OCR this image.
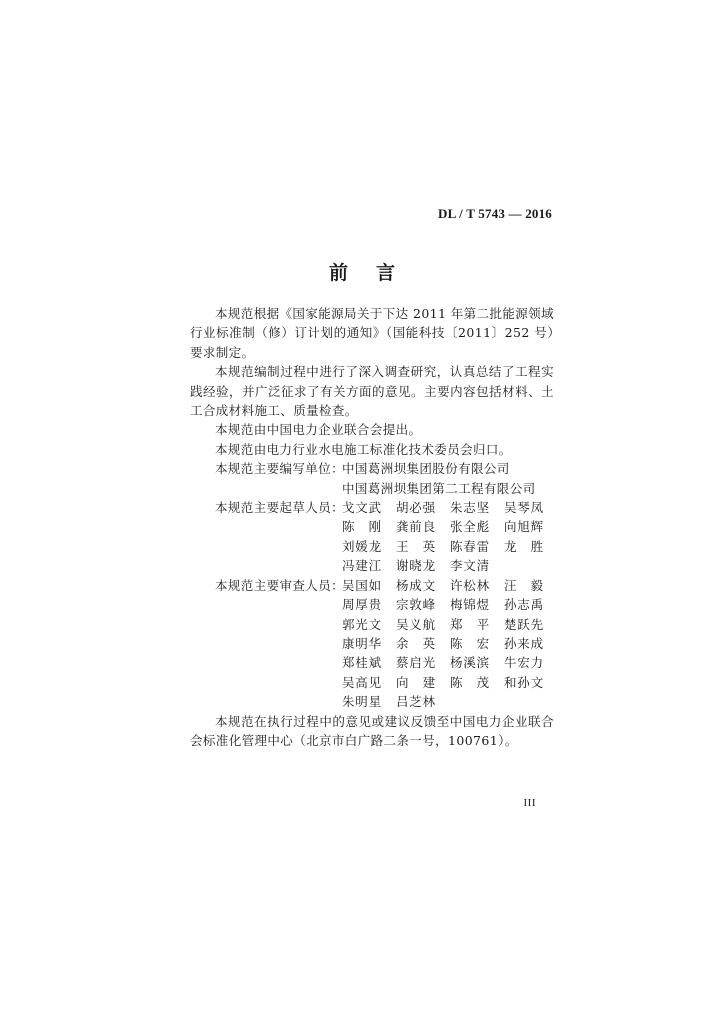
DL / T 5743 — 2016
前言

本规范根据《国家能源局关于下达 2011 年第二批能源领域行业标准制（修）订计划的通知》（国能科技〔2011〕252 号）要求制定。

本规范编制过程中进行了深入调查研究，认真总结了工程实践经验，并广泛征求了有关方面的意见。主要内容包括材料、土工合成材料施工、质量检查。

本规范由中国电力企业联合会提出。

本规范由电力行业水电施工标准化技术委员会归口。

本规范主要编写单位：
中国葛洲坝集团股份有限公司
中国葛洲坝集团第二工程有限公司
本规范主要起草人员：
戈文武	胡必强	朱志坚	吴琴凤
陈　刚	龚前良	张全彪	向旭辉
刘媛龙	王　英	陈春雷	龙　胜
冯建江	谢晓龙	李文清
本规范主要审查人员：
吴国如	杨成文	许松林	汪　毅
周厚贵	宗敦峰	梅锦煜	孙志禹
郭光文	吴义航	郑　平	楚跃先
康明华	余　英	陈　宏	孙来成
郑桂斌	蔡启光	杨溪滨	牛宏力
吴高见	向　建	陈　茂	和孙文
朱明星	吕芝林

本规范在执行过程中的意见或建议反馈至中国电力企业联合会标准化管理中心（北京市白广路二条一号，100761）。

III
